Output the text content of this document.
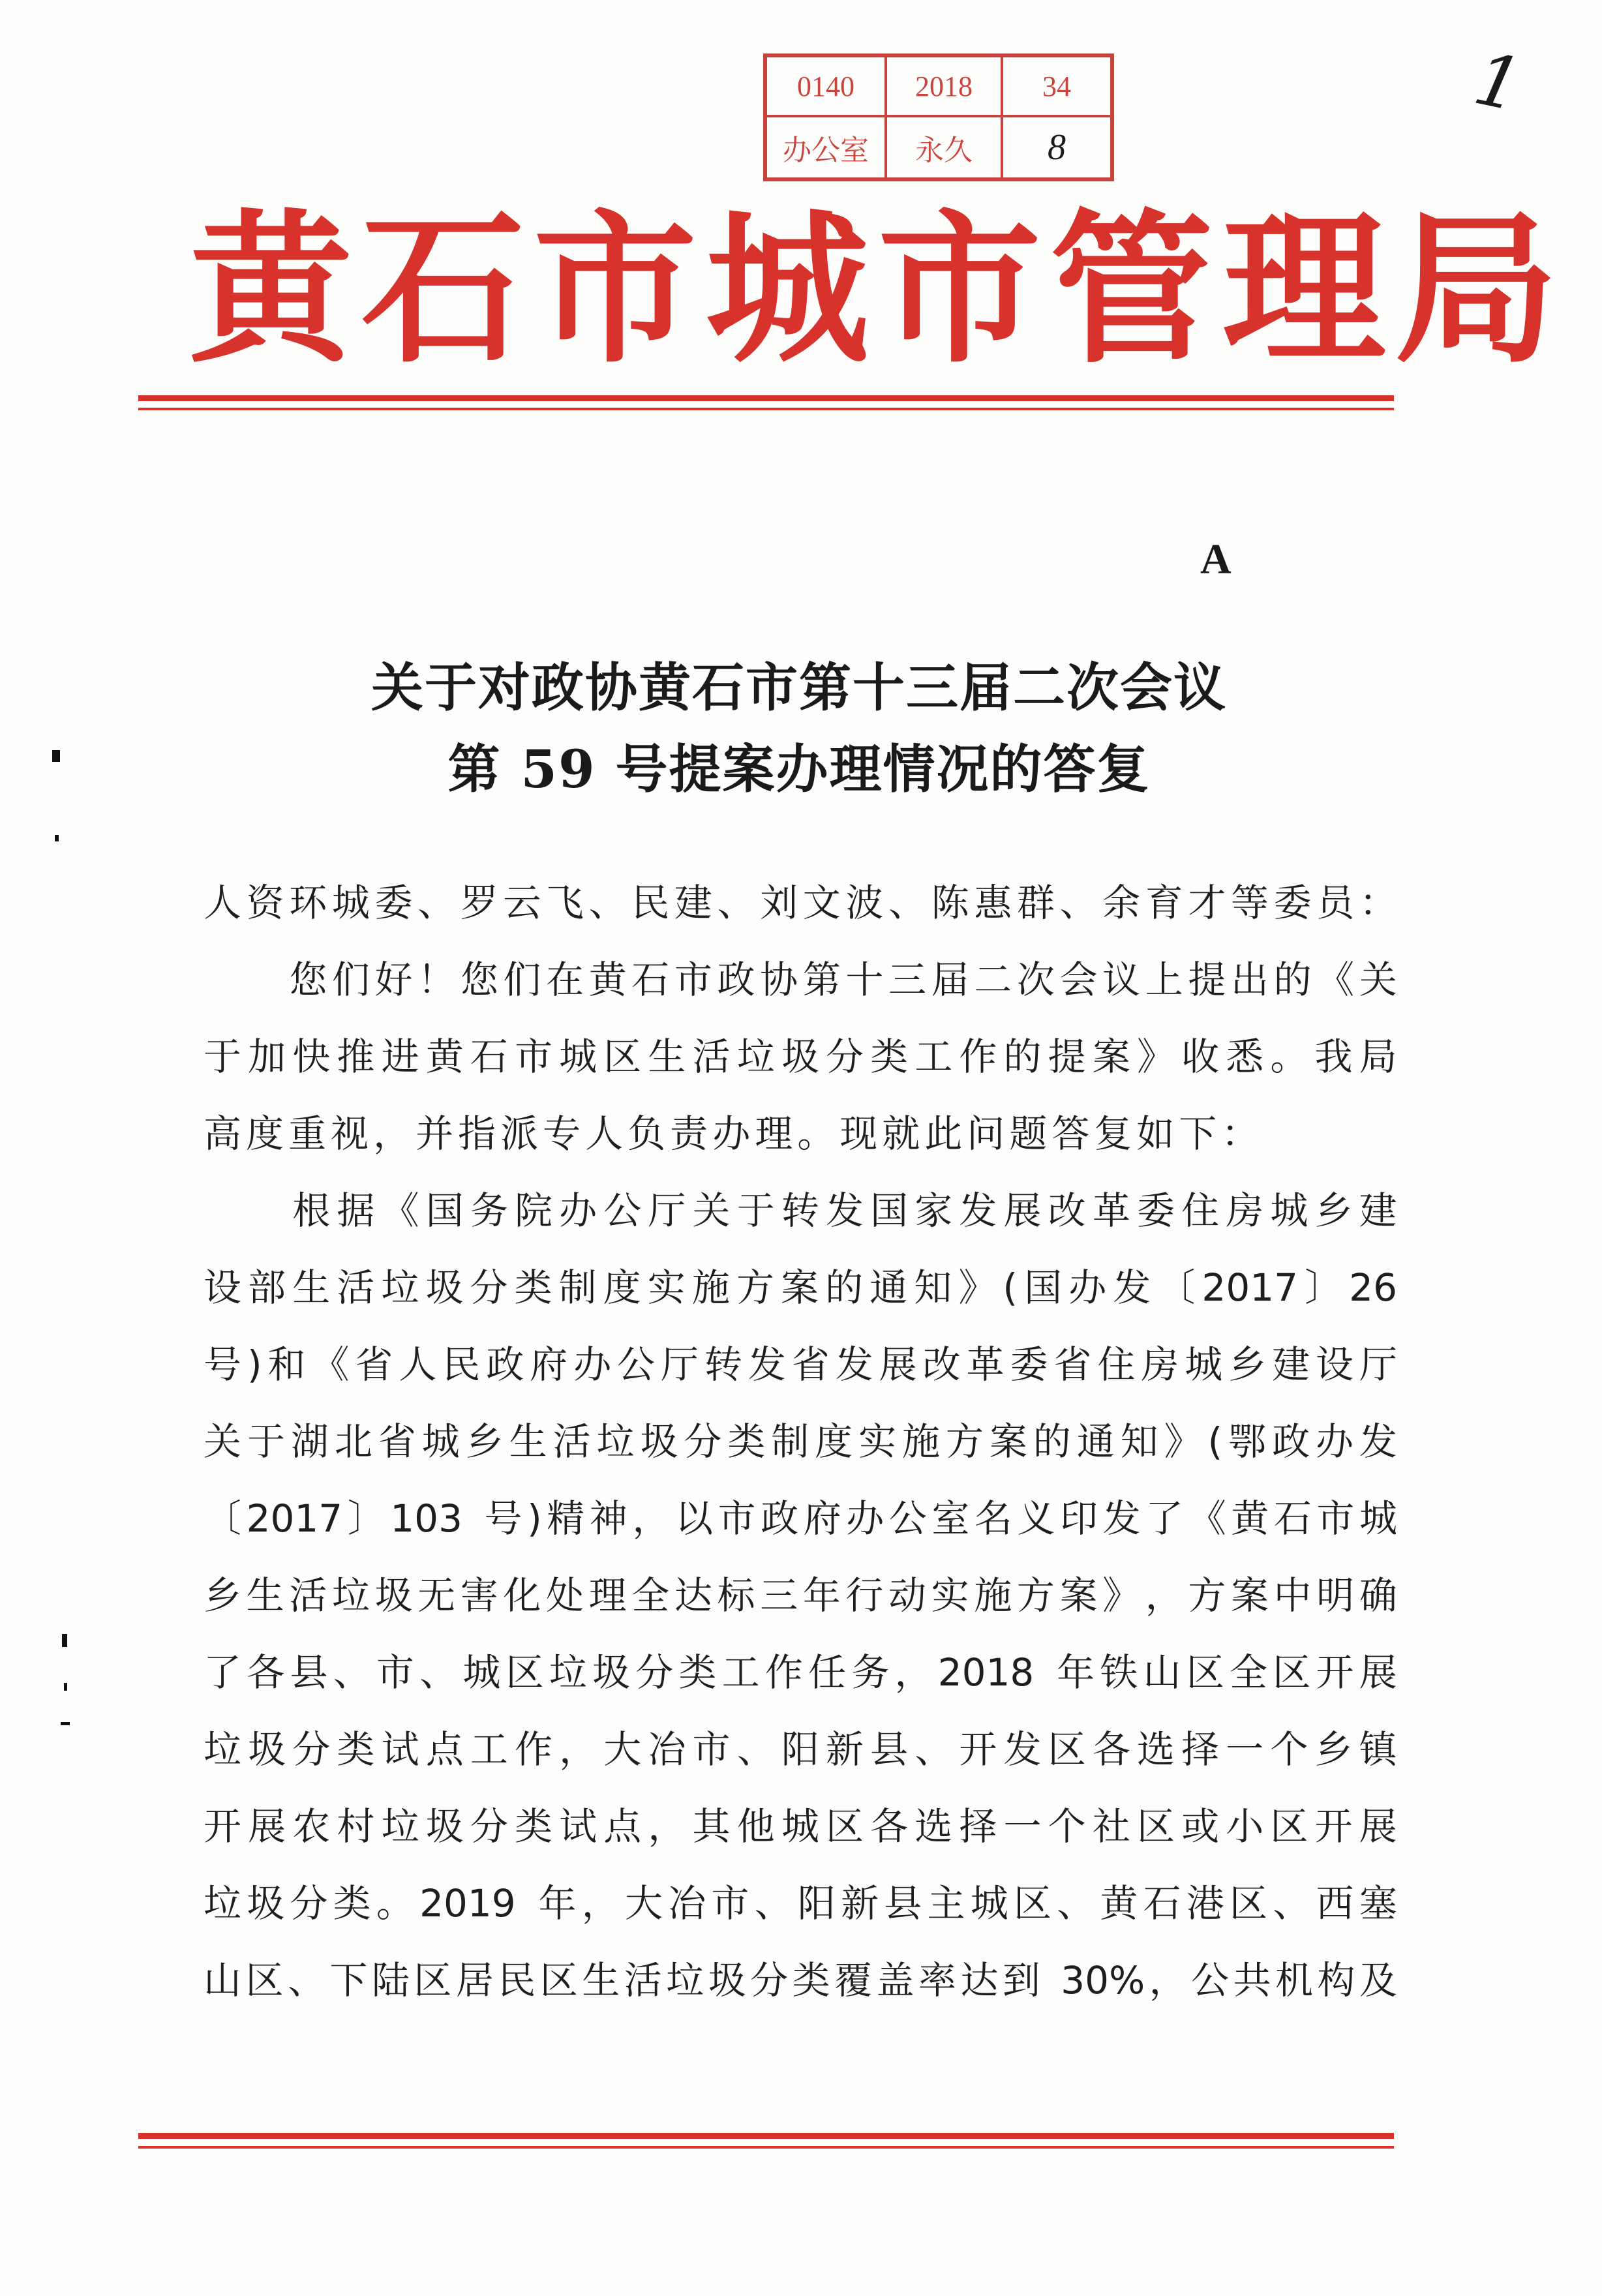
0140	2018	34
办公室	永久	8
1
黄石市城市管理局
A
关于对政协黄石市第十三届二次会议
第 59 号提案办理情况的答复
人 资 环 城 委 、 罗 云 飞 、 民 建 、 刘 文 波 、 陈 惠 群 、 余 育 才 等 委 员 ：

您 们 好 ！ 您 们 在 黄 石 市 政 协 第 十 三 届 二 次 会 议 上 提 出 的 《 关
于 加 快 推 进 黄 石 市 城 区 生 活 垃 圾 分 类 工 作 的 提 案 》 收 悉 。 我 局
高 度 重 视 ， 并 指 派 专 人 负 责 办 理 。 现 就 此 问 题 答 复 如 下 ：

根 据 《 国 务 院 办 公 厅 关 于 转 发 国 家 发 展 改 革 委 住 房 城 乡 建
设 部 生 活 垃 圾 分 类 制 度 实 施 方 案 的 通 知 》 ( 国 办 发 〔 2017 〕 26
号 ) 和 《 省 人 民 政 府 办 公 厅 转 发 省 发 展 改 革 委 省 住 房 城 乡 建 设 厅
关 于 湖 北 省 城 乡 生 活 垃 圾 分 类 制 度 实 施 方 案 的 通 知 》 ( 鄂 政 办 发
〔 2017 〕 103
号 ) 精 神 ， 以 市 政 府 办 公 室 名 义 印 发 了 《 黄 石 市 城
乡 生 活 垃 圾 无 害 化 处 理 全 达 标 三 年 行 动 实 施 方 案 》 ， 方 案 中 明 确
了 各 县 、 市 、 城 区 垃 圾 分 类 工 作 任 务 ， 2018
年 铁 山 区 全 区 开 展
垃 圾 分 类 试 点 工 作 ， 大 冶 市 、 阳 新 县 、 开 发 区 各 选 择 一 个 乡 镇
开 展 农 村 垃 圾 分 类 试 点 ， 其 他 城 区 各 选 择 一 个 社 区 或 小 区 开 展
垃 圾 分 类 。 2019
年 ， 大 冶 市 、 阳 新 县 主 城 区 、 黄 石 港 区 、 西 塞
山 区 、 下 陆 区 居 民 区 生 活 垃 圾 分 类 覆 盖 率 达 到
30% ， 公 共 机 构 及
